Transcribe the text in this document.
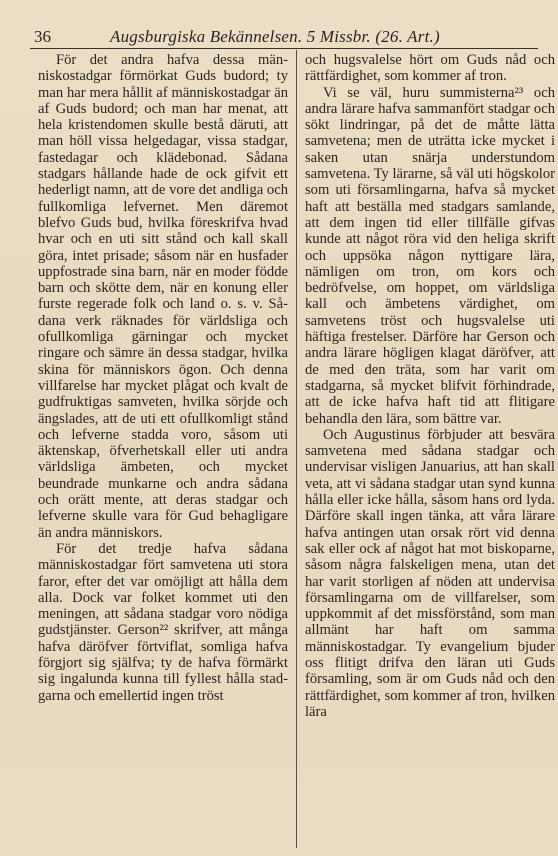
36	Augsburgiska Bekännelsen. 5 Missbr. (26. Art.)

För det andra hafva dessa människostadgar förmörkat Guds budord; ty man har mera hållit af människostadgar än af Guds budord; och man har menat, att hela kristendomen skulle bestå däruti, att man höll vissa helgedagar, vissa stadgar, fastedagar och klädebonad. Sådana stadgars hållande hade de ock gifvit ett hederligt namn, att de vore det andliga och fullkomliga lefvernet. Men däremot blefvo Guds bud, hvilka föreskrifva hvad hvar och en uti sitt stånd och kall skall göra, intet prisade; såsom när en husfader uppfostrade sina barn, när en moder födde barn och skötte dem, när en konung eller furste regerade folk och land o. s. v. Sådana verk räknades för världsliga och ofullkomliga gärningar och mycket ringare och sämre än dessa stadgar, hvilka skina för människors ögon. Och denna villfarelse har mycket plågat och kvalt de gudfruktigas samveten, hvilka sörjde och ängslades, att de uti ett ofullkomligt stånd och lefverne stadda voro, såsom uti äktenskap, öfverhetskall eller uti andra världsliga ämbeten, och mycket beundrade munkarne och andra sådana och orätt mente, att deras stadgar och lefverne skulle vara för Gud behagligare än andra människors.

För det tredje hafva sådana människostadgar fört samvetena uti stora faror, efter det var omöjligt att hålla dem alla. Dock var folket kommet uti den meningen, att sådana stadgar voro nödiga gudstjänster. Gerson²² skrifver, att många hafva däröfver förtviflat, somliga hafva förgjort sig själfva; ty de hafva förmärkt sig ingalunda kunna till fyllest hålla stadgarna och emellertid ingen tröst

och hugsvalelse hört om Guds nåd och rättfärdighet, som kommer af tron.

Vi se väl, huru summisterna²³ och andra lärare hafva sammanfört stadgar och sökt lindringar, på det de måtte lätta samvetena; men de uträtta icke mycket i saken utan snärja understundom samvetena. Ty lärarne, så väl uti högskolor som uti församlingarna, hafva så mycket haft att beställa med stadgars samlande, att dem ingen tid eller tillfälle gifvas kunde att något röra vid den heliga skrift och uppsöka någon nyttigare lära, nämligen om tron, om kors och bedröfvelse, om hoppet, om världsliga kall och ämbetens värdighet, om samvetens tröst och hugsvalelse uti häftiga frestelser. Därföre har Gerson och andra lärare högligen klagat däröfver, att de med den träta, som har varit om stadgarna, så mycket blifvit förhindrade, att de icke hafva haft tid att flitigare behandla den lära, som bättre var.

Och Augustinus förbjuder att besvära samvetena med sådana stadgar och undervisar visligen Januarius, att han skall veta, att vi sådana stadgar utan synd kunna hålla eller icke hålla, såsom hans ord lyda. Därföre skall ingen tänka, att våra lärare hafva antingen utan orsak rört vid denna sak eller ock af något hat mot biskoparne, såsom några falskeligen mena, utan det har varit storligen af nöden att undervisa församlingarna om de villfarelser, som uppkommit af det missförstånd, som man allmänt har haft om samma människostadgar. Ty evangelium bjuder oss flitigt drifva den läran uti Guds församling, som är om Guds nåd och den rättfärdighet, som kommer af tron, hvilken lära
